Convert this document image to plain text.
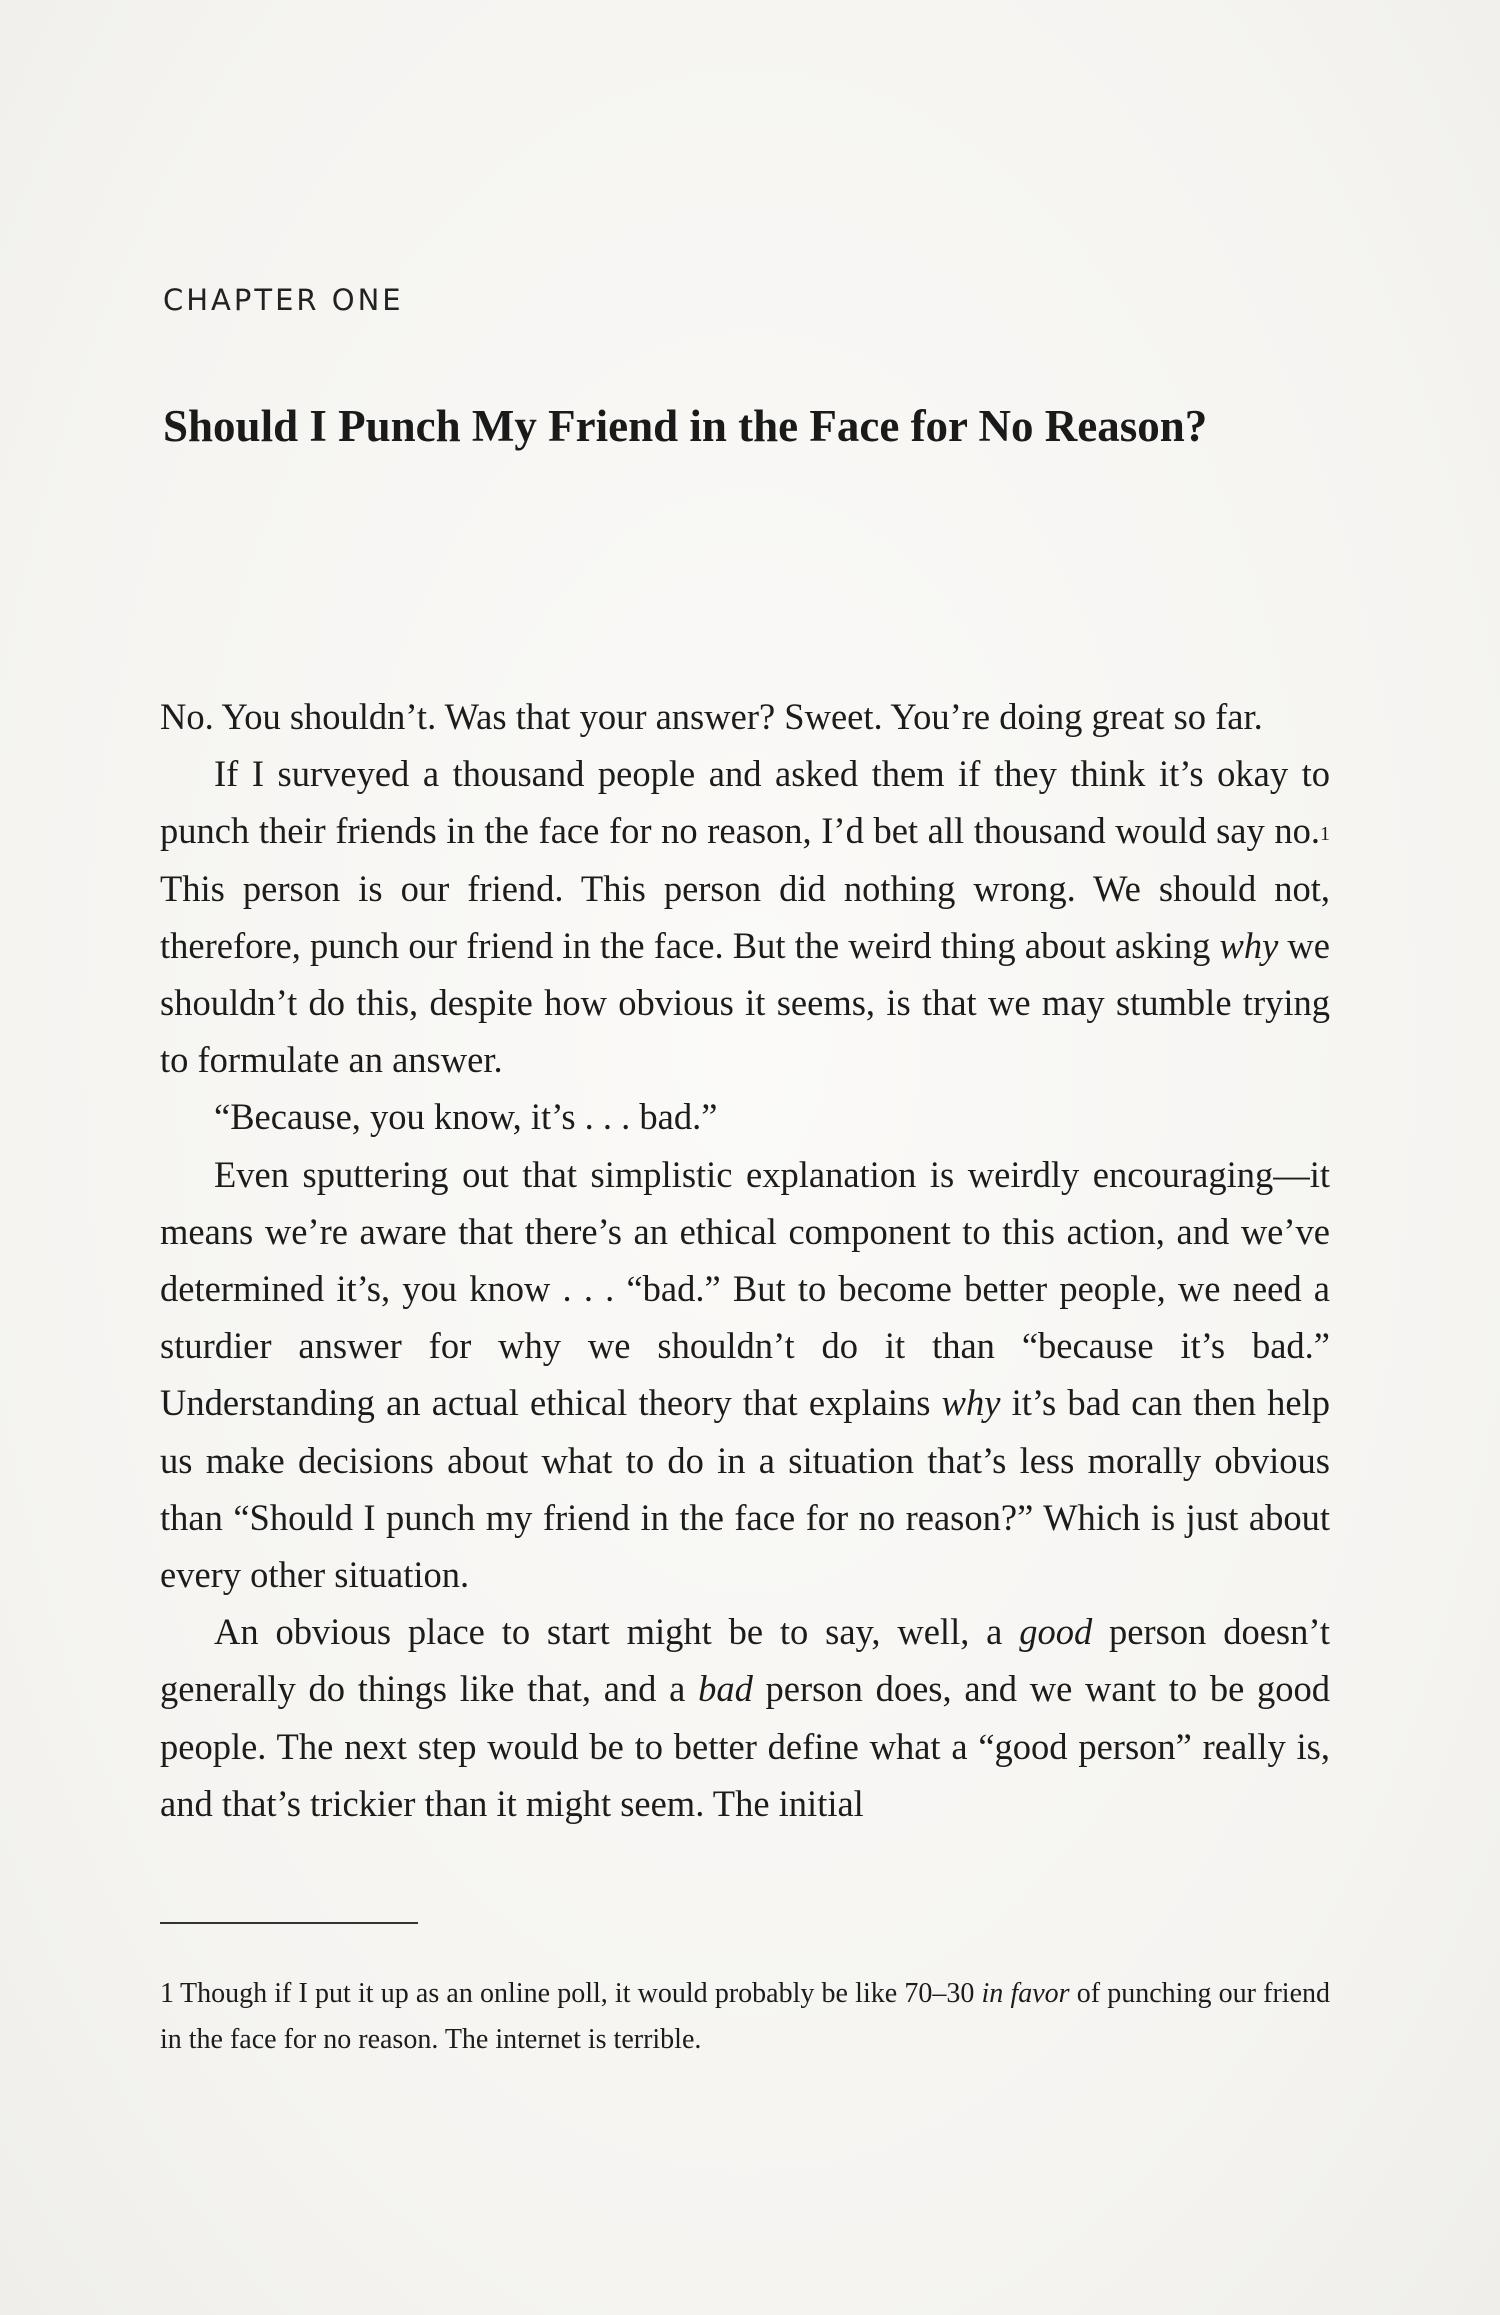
CHAPTER ONE
Should I Punch My Friend in the Face for No Reason?

No. You shouldn’t. Was that your answer? Sweet. You’re doing great so far.

If I surveyed a thousand people and asked them if they think it’s okay to punch their friends in the face for no reason, I’d bet all thousand would say no.$^1$ This person is our friend. This person did nothing wrong. We should not, therefore, punch our friend in the face. But the weird thing about asking why we shouldn’t do this, despite how obvious it seems, is that we may stumble trying to formulate an answer.

“Because, you know, it’s . . . bad.”

Even sputtering out that simplistic explanation is weirdly encouraging—it means we’re aware that there’s an ethical component to this action, and we’ve determined it’s, you know . . . “bad.” But to become better people, we need a sturdier answer for why we shouldn’t do it than “because it’s bad.” Understanding an actual ethical theory that explains why it’s bad can then help us make decisions about what to do in a situation that’s less morally obvious than “Should I punch my friend in the face for no reason?” Which is just about every other situation.

An obvious place to start might be to say, well, a good person doesn’t generally do things like that, and a bad person does, and we want to be good people. The next step would be to better define what a “good person” really is, and that’s trickier than it might seem. The initial

1 Though if I put it up as an online poll, it would probably be like 70–30 in favor of punching our friend in the face for no reason. The internet is terrible.
